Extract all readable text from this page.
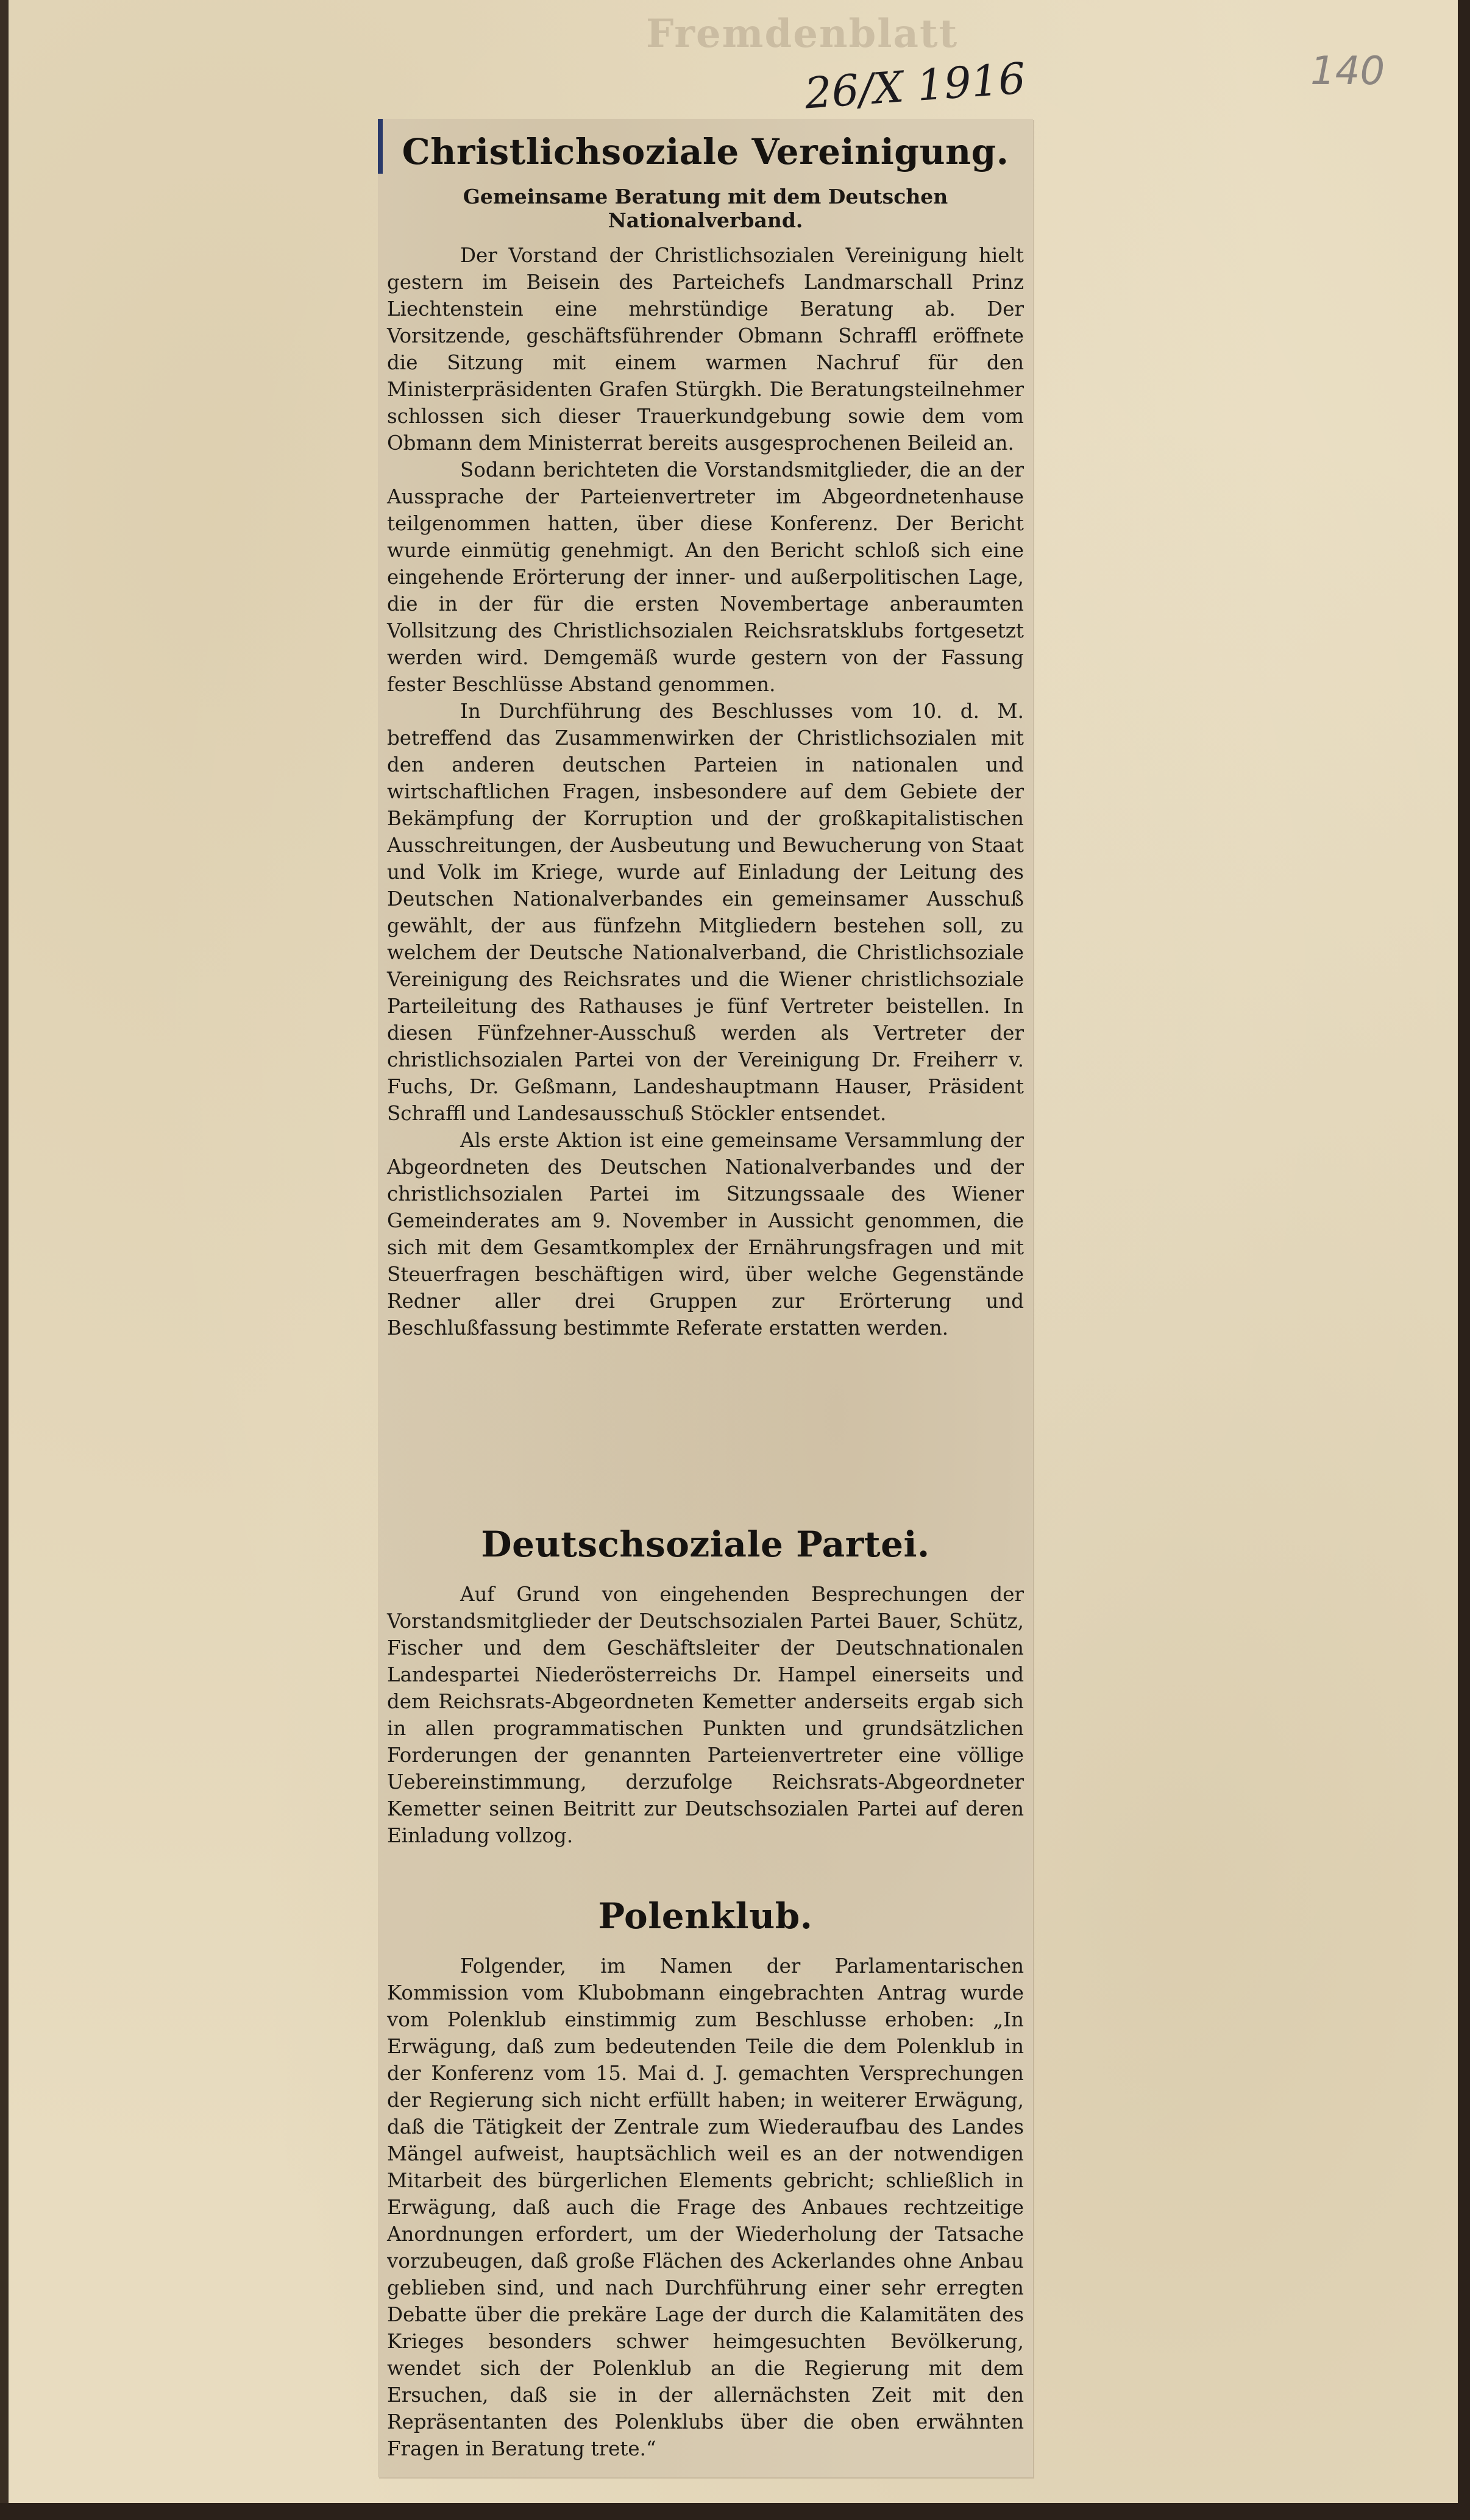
Fremdenblatt
26/X 1916	140
Christlichsoziale Vereinigung.
Gemeinsame Beratung mit dem Deutschen Nationalverband.

Der Vorstand der Christlichsozialen Vereinigung hielt gestern im Beisein des Parteichefs Landmarschall Prinz Liechtenstein eine mehrstündige Beratung ab. Der Vorsitzende, geschäftsführender Obmann Schraffl eröffnete die Sitzung mit einem warmen Nachruf für den Ministerpräsidenten Grafen Stürgkh. Die Beratungsteilnehmer schlossen sich dieser Trauerkundgebung sowie dem vom Obmann dem Ministerrat bereits ausgesprochenen Beileid an.

Sodann berichteten die Vorstandsmitglieder, die an der Aussprache der Parteienvertreter im Abgeordnetenhause teilgenommen hatten, über diese Konferenz. Der Bericht wurde einmütig genehmigt. An den Bericht schloß sich eine eingehende Erörterung der inner- und außerpolitischen Lage, die in der für die ersten Novembertage anberaumten Vollsitzung des Christlichsozialen Reichsratsklubs fortgesetzt werden wird. Demgemäß wurde gestern von der Fassung fester Beschlüsse Abstand genommen.

In Durchführung des Beschlusses vom 10. d. M. betreffend das Zusammenwirken der Christlichsozialen mit den anderen deutschen Parteien in nationalen und wirtschaftlichen Fragen, insbesondere auf dem Gebiete der Bekämpfung der Korruption und der großkapitalistischen Ausschreitungen, der Ausbeutung und Bewucherung von Staat und Volk im Kriege, wurde auf Einladung der Leitung des Deutschen Nationalverbandes ein gemeinsamer Ausschuß gewählt, der aus fünfzehn Mitgliedern bestehen soll, zu welchem der Deutsche Nationalverband, die Christlichsoziale Vereinigung des Reichsrates und die Wiener christlichsoziale Parteileitung des Rathauses je fünf Vertreter beistellen. In diesen Fünfzehner-Ausschuß werden als Vertreter der christlichsozialen Partei von der Vereinigung Dr. Freiherr v. Fuchs, Dr. Geßmann, Landeshauptmann Hauser, Präsident Schraffl und Landesausschuß Stöckler entsendet.

Als erste Aktion ist eine gemeinsame Versammlung der Abgeordneten des Deutschen Nationalverbandes und der christlichsozialen Partei im Sitzungssaale des Wiener Gemeinderates am 9. November in Aussicht genommen, die sich mit dem Gesamtkomplex der Ernährungsfragen und mit Steuerfragen beschäftigen wird, über welche Gegenstände Redner aller drei Gruppen zur Erörterung und Beschlußfassung bestimmte Referate erstatten werden.

Deutschsoziale Partei.

Auf Grund von eingehenden Besprechungen der Vorstandsmitglieder der Deutschsozialen Partei Bauer, Schütz, Fischer und dem Geschäftsleiter der Deutschnationalen Landespartei Niederösterreichs Dr. Hampel einerseits und dem Reichsrats-Abgeordneten Kemetter anderseits ergab sich in allen programmatischen Punkten und grundsätzlichen Forderungen der genannten Parteienvertreter eine völlige Uebereinstimmung, derzufolge Reichsrats-Abgeordneter Kemetter seinen Beitritt zur Deutschsozialen Partei auf deren Einladung vollzog.

Polenklub.

Folgender, im Namen der Parlamentarischen Kommission vom Klubobmann eingebrachten Antrag wurde vom Polenklub einstimmig zum Beschlusse erhoben: „In Erwägung, daß zum bedeutenden Teile die dem Polenklub in der Konferenz vom 15. Mai d. J. gemachten Versprechungen der Regierung sich nicht erfüllt haben; in weiterer Erwägung, daß die Tätigkeit der Zentrale zum Wiederaufbau des Landes Mängel aufweist, hauptsächlich weil es an der notwendigen Mitarbeit des bürgerlichen Elements gebricht; schließlich in Erwägung, daß auch die Frage des Anbaues rechtzeitige Anordnungen erfordert, um der Wiederholung der Tatsache vorzubeugen, daß große Flächen des Ackerlandes ohne Anbau geblieben sind, und nach Durchführung einer sehr erregten Debatte über die prekäre Lage der durch die Kalamitäten des Krieges besonders schwer heimgesuchten Bevölkerung, wendet sich der Polenklub an die Regierung mit dem Ersuchen, daß sie in der allernächsten Zeit mit den Repräsentanten des Polenklubs über die oben erwähnten Fragen in Beratung trete.“
